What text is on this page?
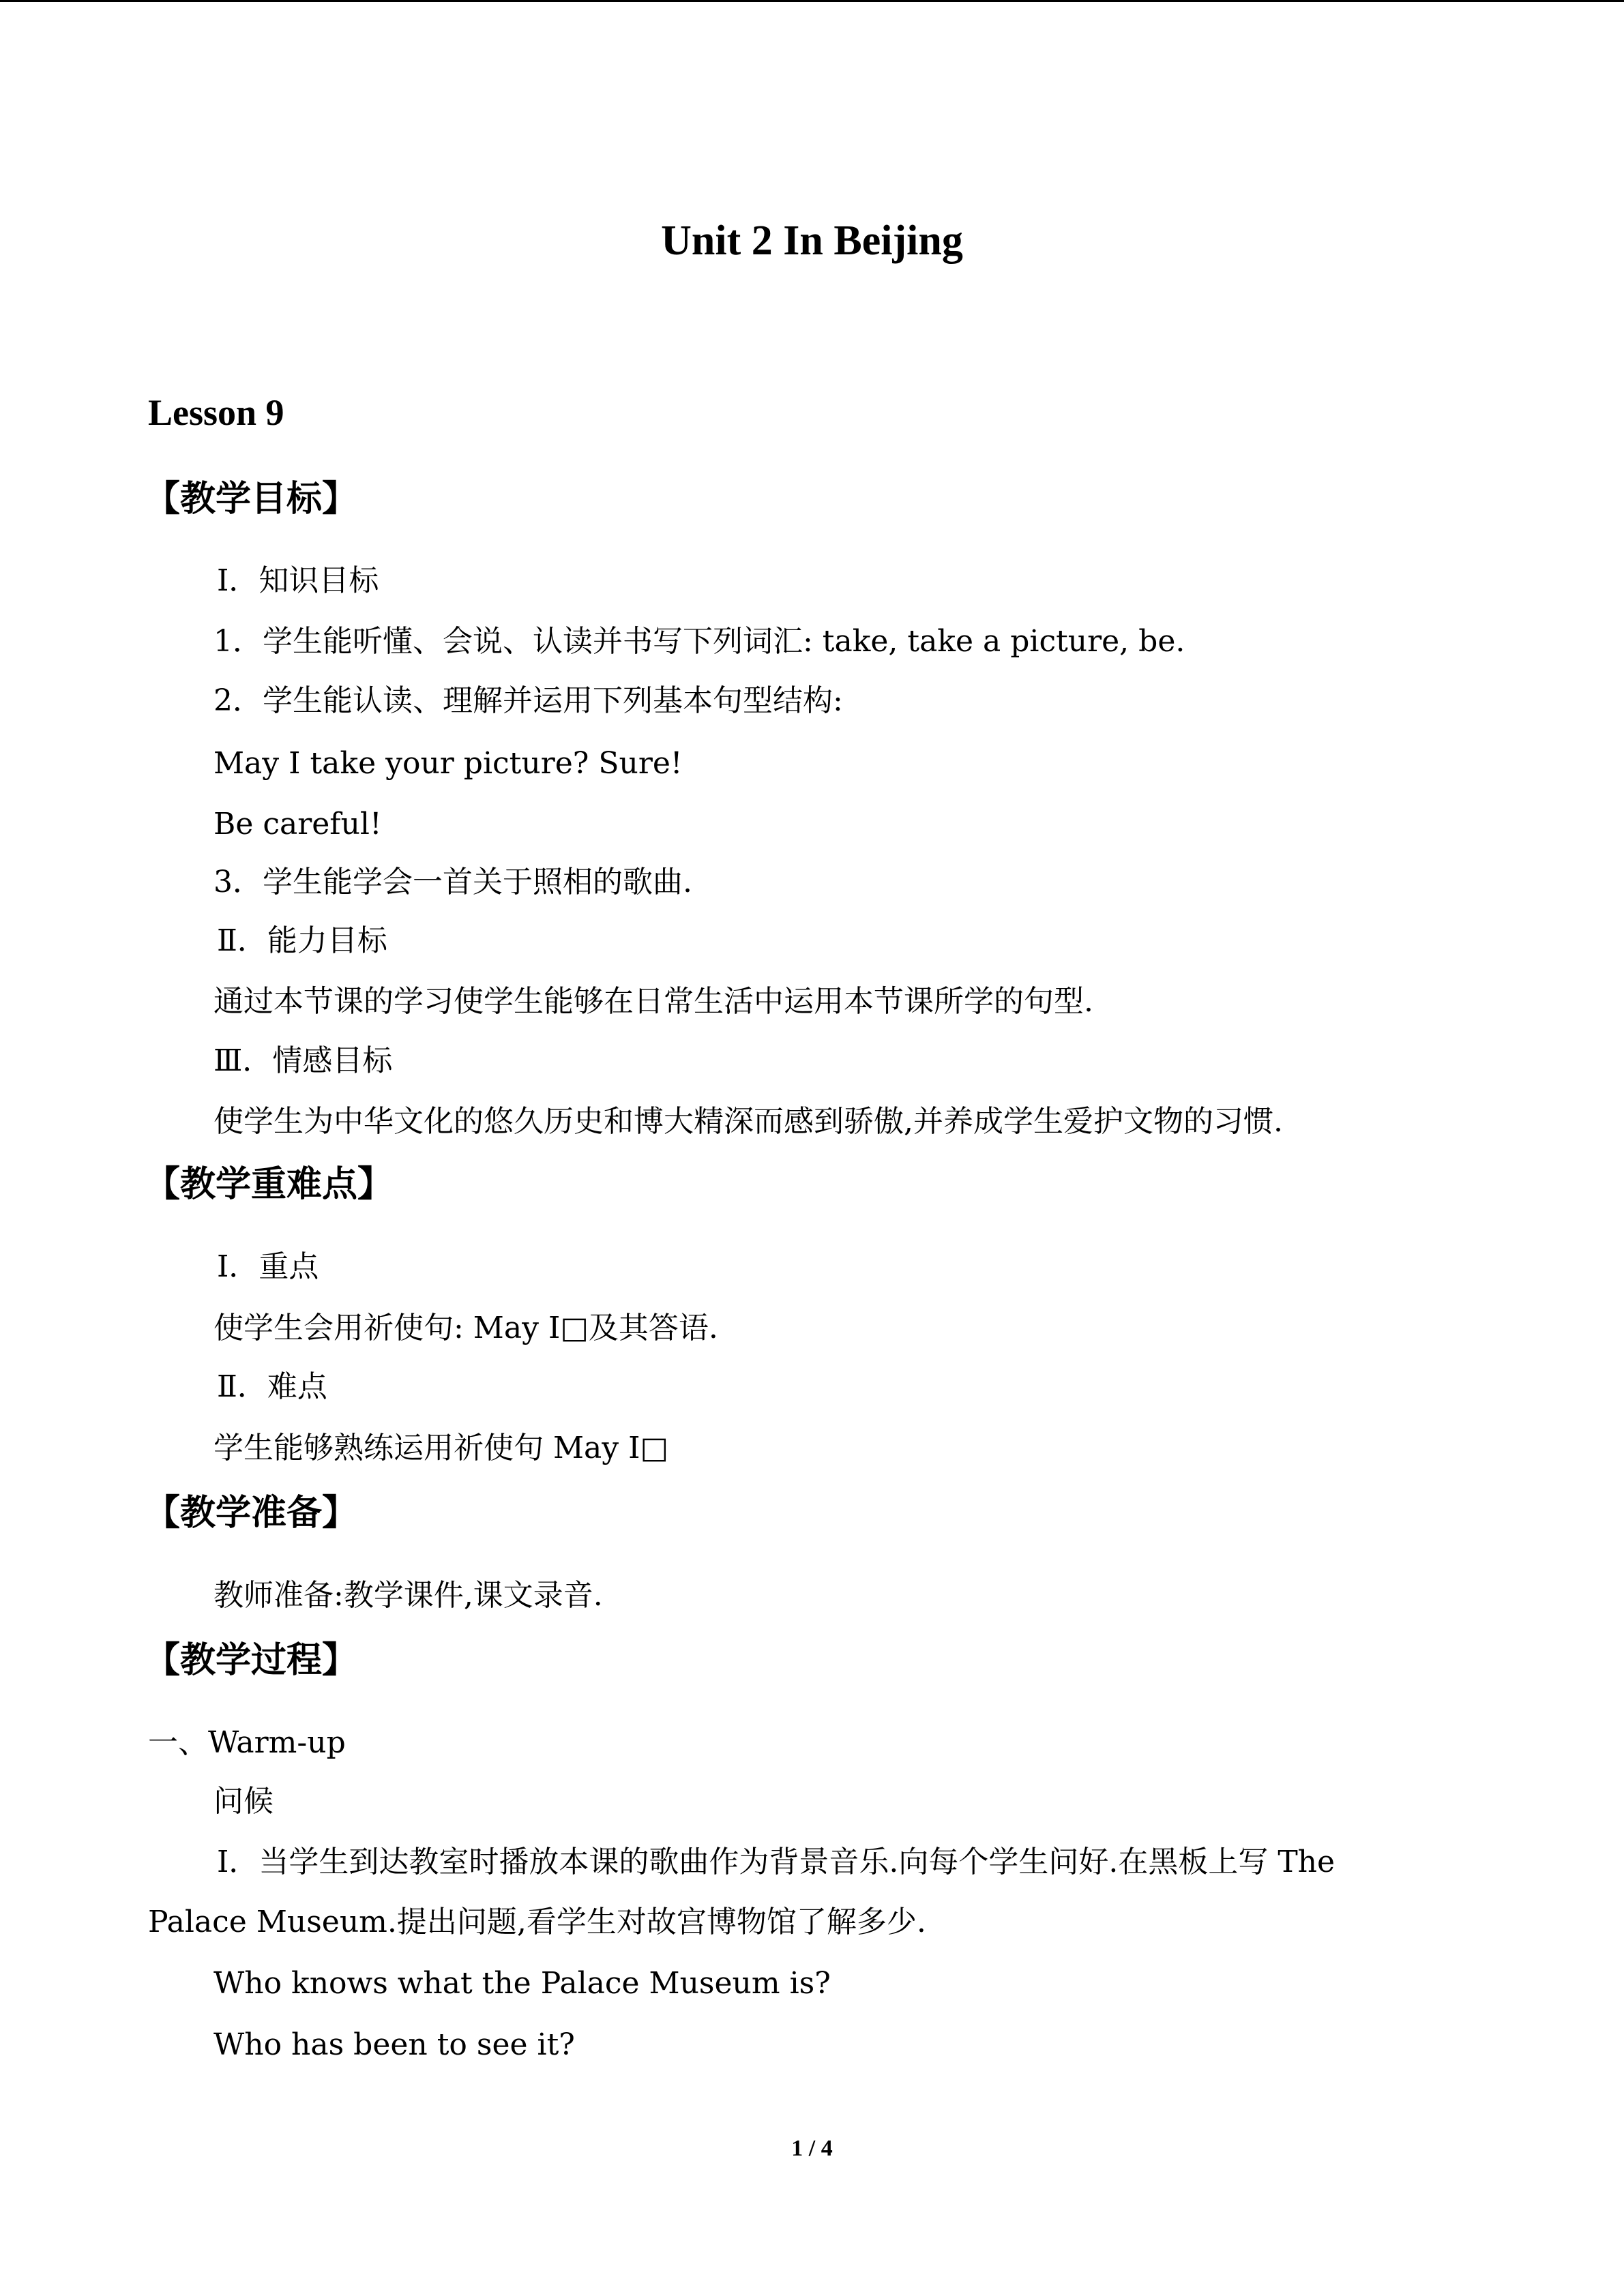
Unit 2 In Beijing
Lesson 9
【教学目标】
Ⅰ．知识目标
1．学生能听懂、会说、认读并书写下列词汇: take, take a picture, be.
2．学生能认读、理解并运用下列基本句型结构:
May I take your picture? Sure!
Be careful!
3．学生能学会一首关于照相的歌曲.
Ⅱ．能力目标
通过本节课的学习使学生能够在日常生活中运用本节课所学的句型.
Ⅲ．情感目标
使学生为中华文化的悠久历史和博大精深而感到骄傲,并养成学生爱护文物的习惯.
【教学重难点】
Ⅰ．重点
使学生会用祈使句: May I□及其答语.
Ⅱ．难点
学生能够熟练运用祈使句 May I□
【教学准备】
教师准备:教学课件,课文录音.
【教学过程】
一、Warm-up
问候
Ⅰ．当学生到达教室时播放本课的歌曲作为背景音乐.向每个学生问好.在黑板上写 The
Palace Museum.提出问题,看学生对故宫博物馆了解多少.
Who knows what the Palace Museum is?
Who has been to see it?
1 / 4
